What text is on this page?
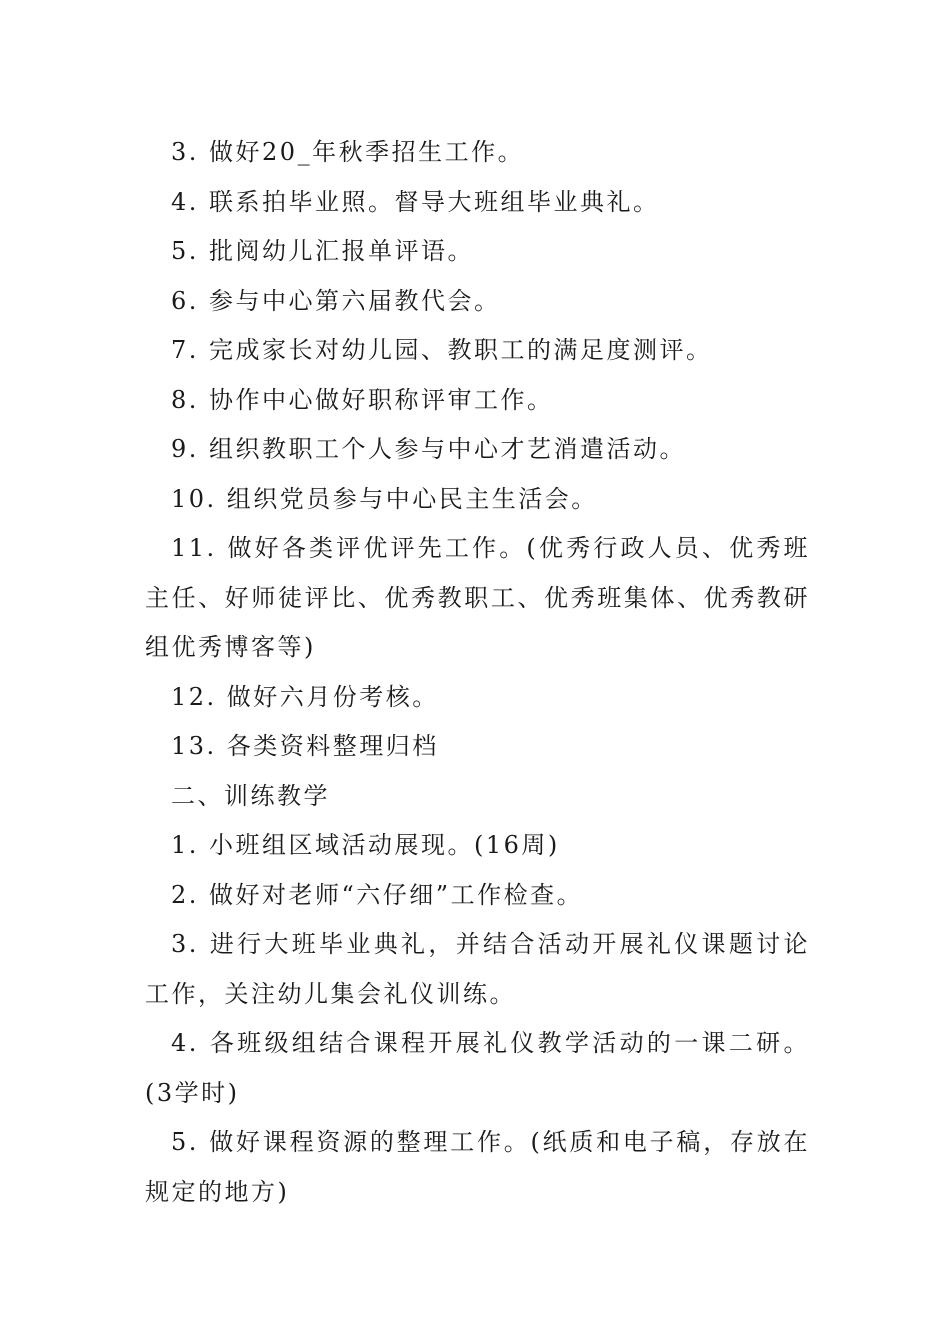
3. 做好20_年秋季招生工作。

4. 联系拍毕业照。督导大班组毕业典礼。

5. 批阅幼儿汇报单评语。

6. 参与中心第六届教代会。

7. 完成家长对幼儿园、教职工的满足度测评。

8. 协作中心做好职称评审工作。

9. 组织教职工个人参与中心才艺消遣活动。

10. 组织党员参与中心民主生活会。

11. 做好各类评优评先工作。(优秀行政人员、优秀班主任、好师徒评比、优秀教职工、优秀班集体、优秀教研组优秀博客等)

12. 做好六月份考核。

13. 各类资料整理归档

二、训练教学

1. 小班组区域活动展现。(16周)

2. 做好对老师“六仔细”工作检查。

3. 进行大班毕业典礼，并结合活动开展礼仪课题讨论工作，关注幼儿集会礼仪训练。

4. 各班级组结合课程开展礼仪教学活动的一课二研。(3学时)

5. 做好课程资源的整理工作。(纸质和电子稿，存放在规定的地方)
